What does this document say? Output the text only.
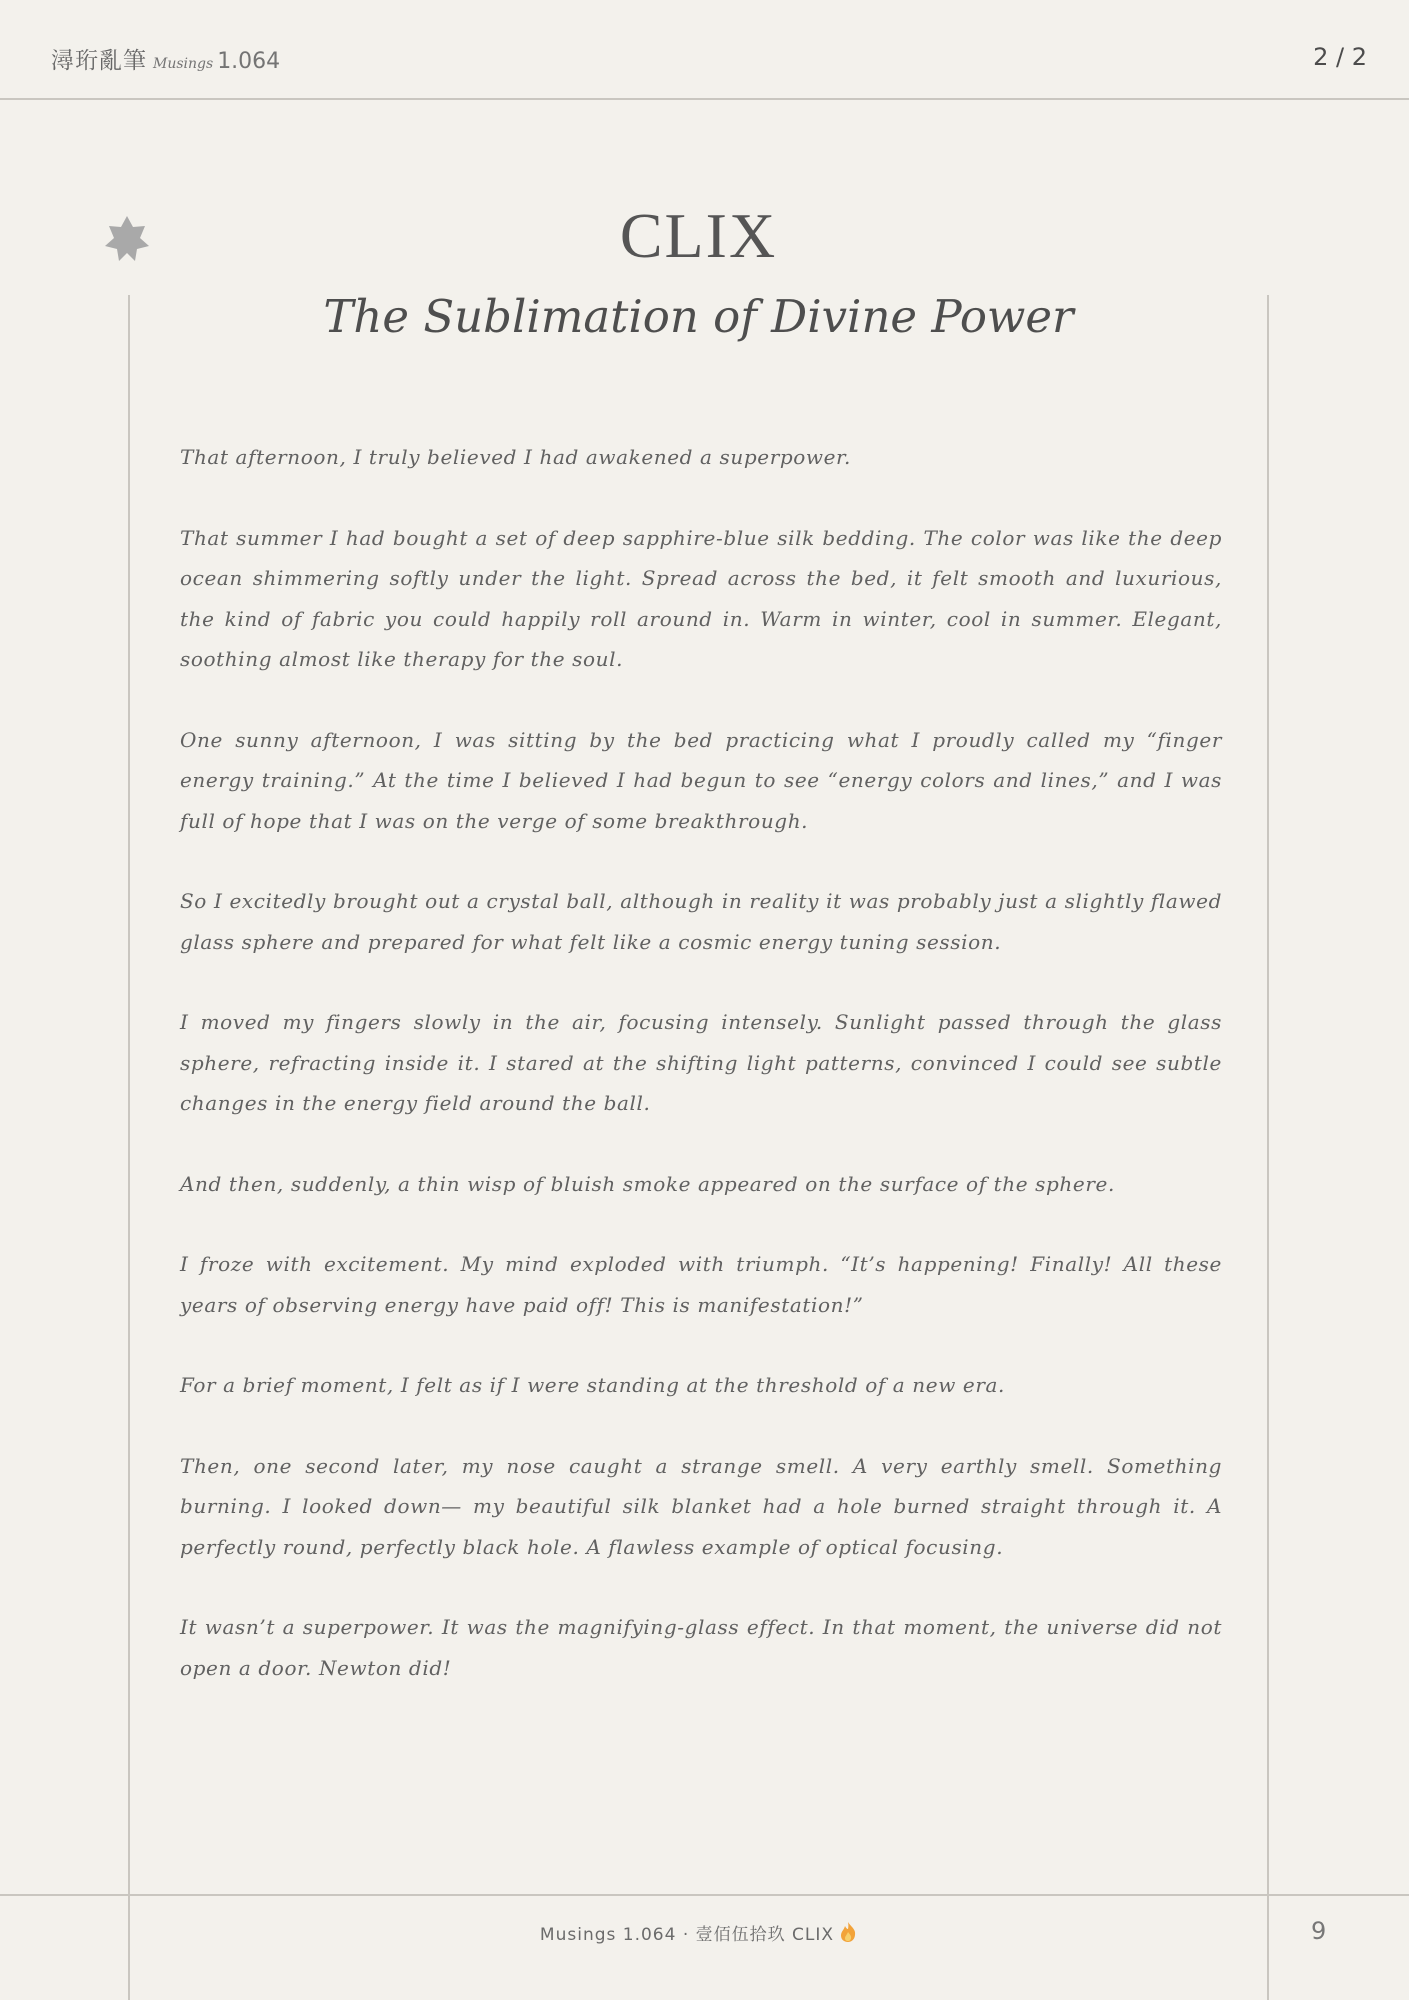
潯珩亂筆 Musings 1.064	2 / 2
CLIX
The Sublimation of Divine Power

That afternoon, I truly believed I had awakened a superpower.

That summer I had bought a set of deep sapphire-blue silk bedding. The color was like the deep ocean shimmering softly under the light. Spread across the bed, it felt smooth and luxurious, the kind of fabric you could happily roll around in. Warm in winter, cool in summer. Elegant, soothing almost like therapy for the soul.

One sunny afternoon, I was sitting by the bed practicing what I proudly called my “finger energy training.” At the time I believed I had begun to see “energy colors and lines,” and I was full of hope that I was on the verge of some breakthrough.

So I excitedly brought out a crystal ball, although in reality it was probably just a slightly flawed glass sphere and prepared for what felt like a cosmic energy tuning session.

I moved my fingers slowly in the air, focusing intensely. Sunlight passed through the glass sphere, refracting inside it. I stared at the shifting light patterns, convinced I could see subtle changes in the energy field around the ball.

And then, suddenly, a thin wisp of bluish smoke appeared on the surface of the sphere.

I froze with excitement. My mind exploded with triumph. “It’s happening! Finally! All these years of observing energy have paid off! This is manifestation!”

For a brief moment, I felt as if I were standing at the threshold of a new era.

Then, one second later, my nose caught a strange smell. A very earthly smell. Something burning. I looked down— my beautiful silk blanket had a hole burned straight through it. A perfectly round, perfectly black hole. A flawless example of optical focusing.

It wasn’t a superpower. It was the magnifying-glass effect. In that moment, the universe did not open a door. Newton did!

Musings 1.064 · 壹佰伍拾玖 CLIX	9
